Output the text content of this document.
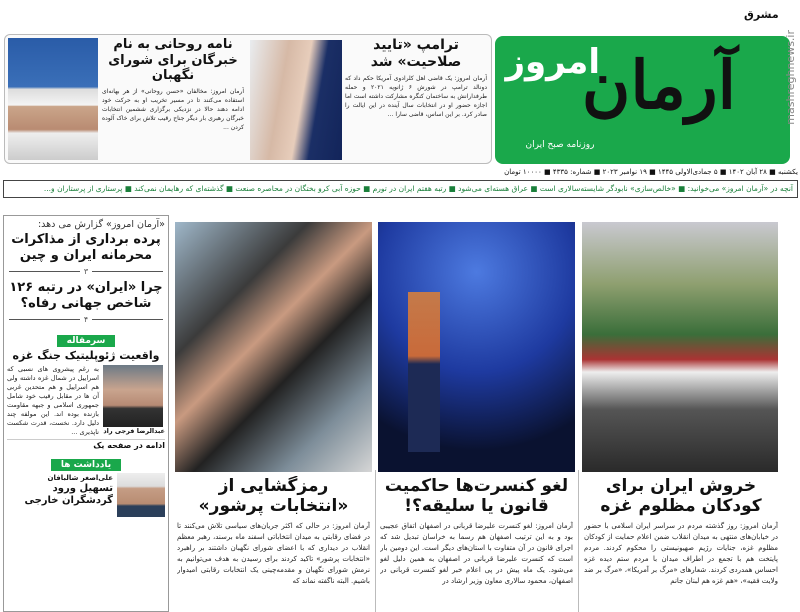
نامه روحانی به نام خبرگان برای شورای نگهبان
آرمان امروز: مخالفان «حسن روحانی» از هر بهانه‌ای استفاده می‌کنند تا در مسیر تخریب او به حرکت خود ادامه دهند حالا در نزدیکی برگزاری ششمین انتخابات خبرگان رهبری بار دیگر جناح رقیب تلاش برای خاک آلوده کردن ...
ترامپ «تایید صلاحیت» شد
آرمان امروز: یک قاضی اهل کلرادوی آمریکا حکم داد که دونالد ترامپ در شورش ۶ ژانویه ۲۰۲۱ و حمله طرفدارانش به ساختمان کنگره مشارکت داشته است اما اجازه حضور او در انتخابات سال آینده در این ایالت را صادر کرد. بر این اساس، قاضی سارا ...
امروز
روزنامه صبح ایران
آرمان
مشرق
mashreghnews.ir
یکشنبه ■ ۲۸ آبان ۱۴۰۲ ■ ۵ جمادی‌الاولی ۱۴۴۵ ■ ۱۹ نوامبر ۲۰۲۳ ■ شماره: ۴۳۳۵ ■ ۱۰۰۰۰ تومان
آنچه در «آرمان امروز» می‌خوانید: ■ «خالص‌سازی» نابودگر شایسته‌سالاری است ■ عراق هسته‌ای می‌شود ■ رتبه هفتم ایران در تورم ■ حوزه آبی کرو بختگان در محاصره صنعت ■ گذشته‌ای که رهایمان نمی‌کند ■ پرستاری از پرستاران و...
«آرمان امروز» گزارش می دهد:
پرده برداری از مذاکرات محرمانه ایران و چین
۳
چرا «ایران» در رتبه ۱۲۶ شاخص جهانی رفاه؟
۴
سرمقاله
واقعیت ژئوپلیتیک جنگ غزه
عبدالرضا فرجی راد
به رغم پیشروی های نسبی که اسراییل در شمال غزه داشته ولی هم اسراییل و هم متحدین غربی آن ها در مقابل رقیب خود شامل جمهوری اسلامی و جبهه مقاومت بازنده بوده اند. این مولفه چند دلیل دارد. نخست، قدرت شکست ناپذیری ...
ادامه در صفحه یک
یادداشت ها
علی‌اصغر شالبافان
تسهیل ورود گردشگران خارجی
رمزگشایی از «انتخابات پرشور»
آرمان امروز: در حالی که اکثر جریان‌های سیاسی تلاش می‌کنند تا در فضای رقابتی به میدان انتخاباتی اسفند ماه برسند، رهبر معظم انقلاب در دیداری که با اعضای شورای نگهبان داشتند بر راهبرد «انتخابات پرشور» تاکید کردند برای رسیدن به هدف می‌توانیم به نرمش شورای نگهبان و مقدمه‌چینی یک انتخابات رقابتی امیدوار باشیم. البته ناگفته نماند که
لغو کنسرت‌ها حاکمیت قانون یا سلیقه؟!
آرمان امروز: لغو کنسرت علیرضا قربانی در اصفهان اتفاق عجیبی بود و به این ترتیب اصفهان هم رسما به خراسان تبدیل شد که اجرای قانون در آن متفاوت با استان‌های دیگر است. این دومین بار است که کنسرت علیرضا قربانی در اصفهان به همین دلیل لغو می‌شود. یک ماه پیش در پی اعلام خبر لغو کنسرت قربانی در اصفهان، محمود سالاری معاون وزیر ارشاد در
خروش ایران برای کودکان مظلوم غزه
آرمان امروز: روز گذشته مردم در سراسر ایران اسلامی با حضور در خیابان‌های منتهی به میدان انقلاب ضمن اعلام حمایت از کودکان مظلوم غزه، جنایات رژیم صهیونیستی را محکوم کردند. مردم پایتخت هم با تجمع در اطراف میدان با مردم ستم دیده غزه احساس همدردی کردند. شعارهای «مرگ بر آمریکا»، «مرگ بر ضد ولایت فقیه»، «هم غزه هم لبنان جانم
